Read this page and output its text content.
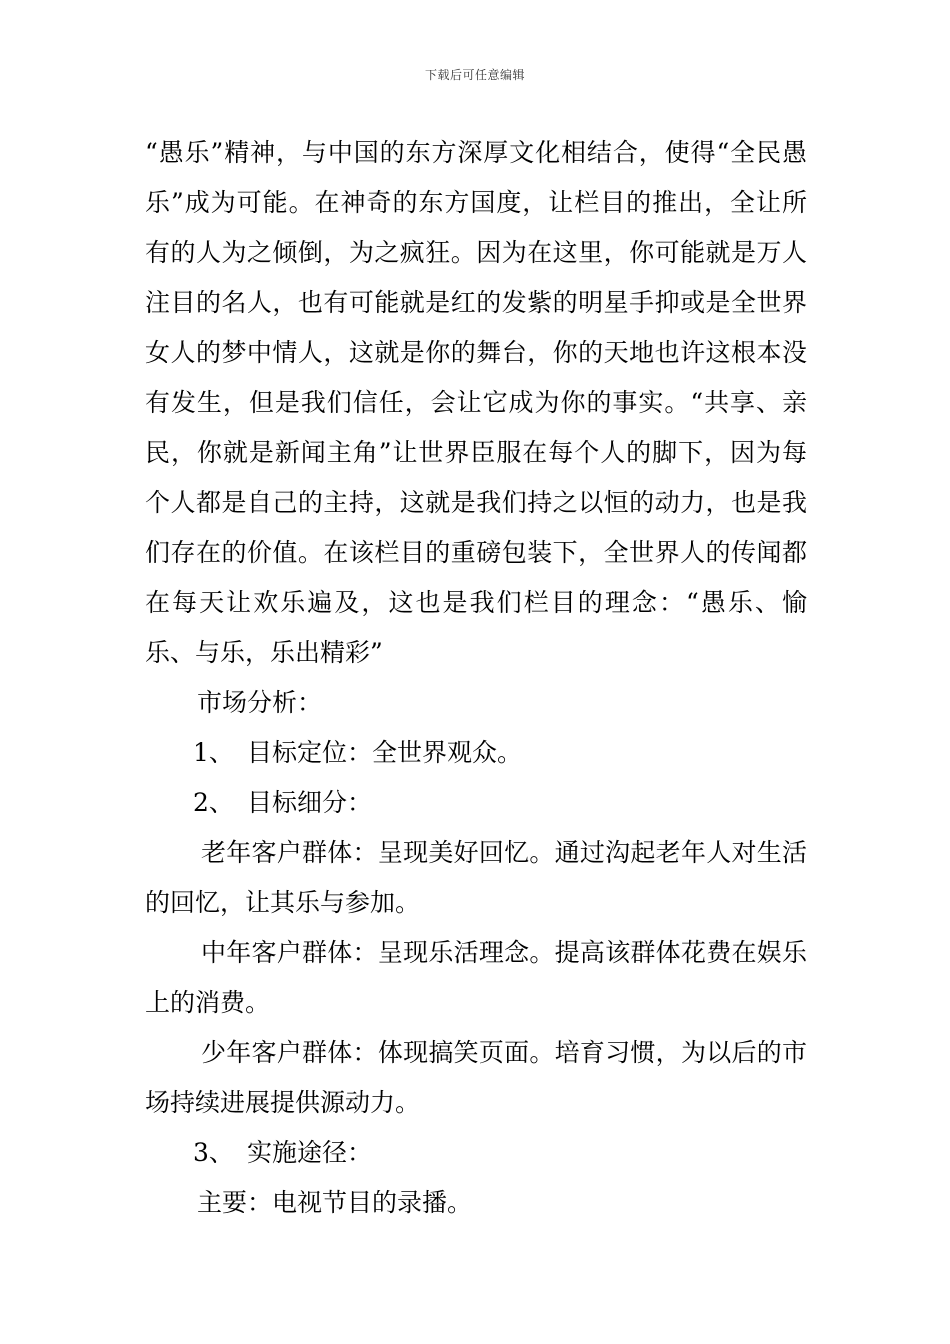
下载后可任意编辑

“愚乐”精神，与中国的东方深厚文化相结合，使得“全民愚乐”成为可能。在神奇的东方国度，让栏目的推出，全让所有的人为之倾倒，为之疯狂。因为在这里，你可能就是万人注目的名人，也有可能就是红的发紫的明星手抑或是全世界女人的梦中情人，这就是你的舞台，你的天地也许这根本没有发生，但是我们信任，会让它成为你的事实。“共享、亲民，你就是新闻主角”让世界臣服在每个人的脚下，因为每个人都是自己的主持，这就是我们持之以恒的动力，也是我们存在的价值。在该栏目的重磅包装下，全世界人的传闻都在每天让欢乐遍及，这也是我们栏目的理念：“愚乐、愉乐、与乐，乐出精彩”

市场分析：

1、 目标定位：全世界观众。

2、 目标细分：

老年客户群体：呈现美好回忆。通过沟起老年人对生活的回忆，让其乐与参加。

中年客户群体：呈现乐活理念。提高该群体花费在娱乐上的消费。

少年客户群体：体现搞笑页面。培育习惯，为以后的市场持续进展提供源动力。

3、 实施途径：

主要：电视节目的录播。
